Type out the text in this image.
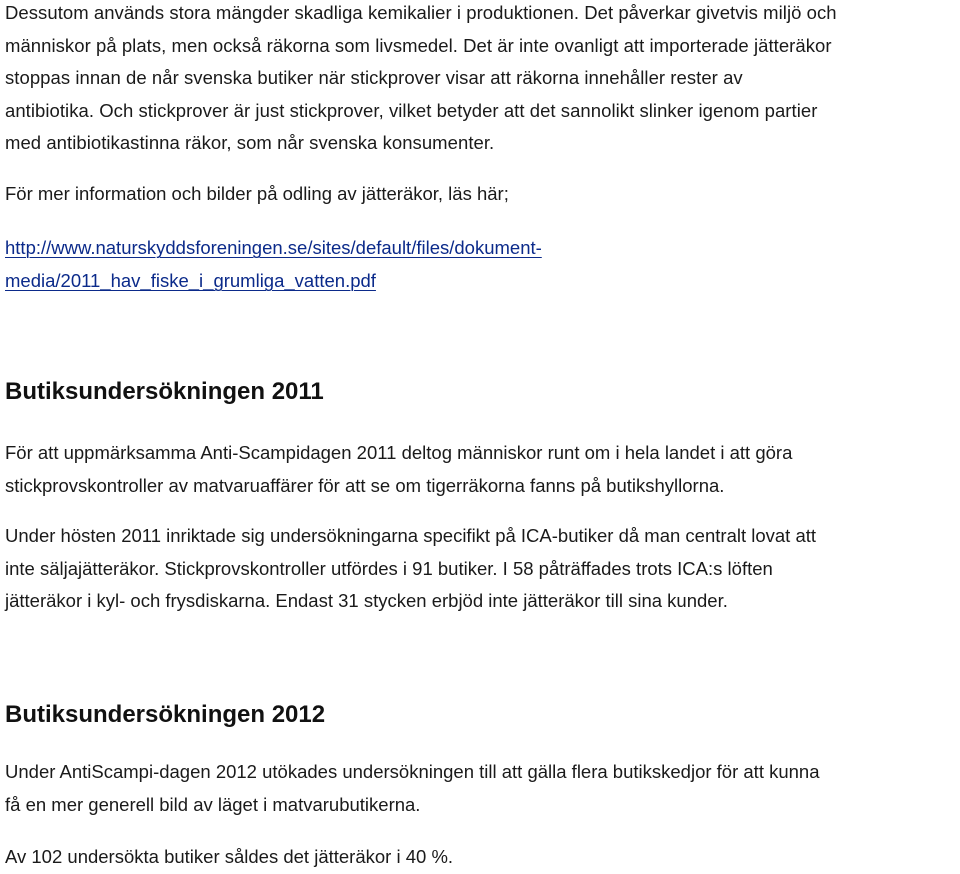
Dessutom används stora mängder skadliga kemikalier i produktionen. Det påverkar givetvis miljö och

människor på plats, men också räkorna som livsmedel. Det är inte ovanligt att importerade jätteräkor

stoppas innan de når svenska butiker när stickprover visar att räkorna innehåller rester av

antibiotika. Och stickprover är just stickprover, vilket betyder att det sannolikt slinker igenom partier

med antibiotikastinna räkor, som når svenska konsumenter.

För mer information och bilder på odling av jätteräkor, läs här;

http://www.naturskyddsforeningen.se/sites/default/files/dokument-

media/2011_hav_fiske_i_grumliga_vatten.pdf

Butiksundersökningen 2011

För att uppmärksamma Anti-Scampidagen 2011 deltog människor runt om i hela landet i att göra

stickprovskontroller av matvaruaffärer för att se om tigerräkorna fanns på butikshyllorna.

Under hösten 2011 inriktade sig undersökningarna specifikt på ICA-butiker då man centralt lovat att

inte säljajätteräkor. Stickprovskontroller utfördes i 91 butiker. I 58 påträffades trots ICA:s löften

jätteräkor i kyl- och frysdiskarna. Endast 31 stycken erbjöd inte jätteräkor till sina kunder.

Butiksundersökningen 2012

Under AntiScampi-dagen 2012 utökades undersökningen till att gälla flera butikskedjor för att kunna

få en mer generell bild av läget i matvarubutikerna.

Av 102 undersökta butiker såldes det jätteräkor i 40 %.
